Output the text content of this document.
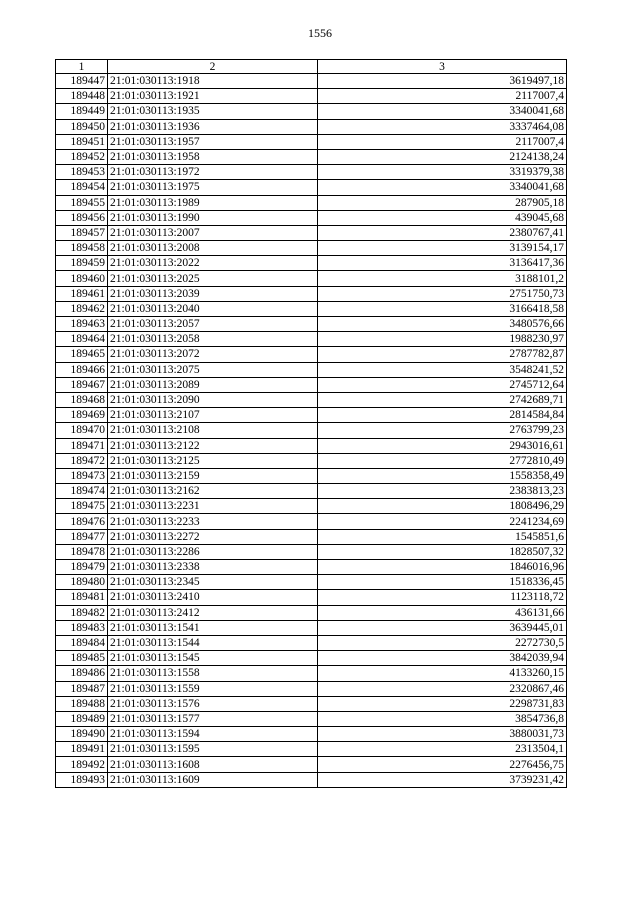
1556
1	2	3
189447	21:01:030113:1918	3619497,18
189448	21:01:030113:1921	2117007,4
189449	21:01:030113:1935	3340041,68
189450	21:01:030113:1936	3337464,08
189451	21:01:030113:1957	2117007,4
189452	21:01:030113:1958	2124138,24
189453	21:01:030113:1972	3319379,38
189454	21:01:030113:1975	3340041,68
189455	21:01:030113:1989	287905,18
189456	21:01:030113:1990	439045,68
189457	21:01:030113:2007	2380767,41
189458	21:01:030113:2008	3139154,17
189459	21:01:030113:2022	3136417,36
189460	21:01:030113:2025	3188101,2
189461	21:01:030113:2039	2751750,73
189462	21:01:030113:2040	3166418,58
189463	21:01:030113:2057	3480576,66
189464	21:01:030113:2058	1988230,97
189465	21:01:030113:2072	2787782,87
189466	21:01:030113:2075	3548241,52
189467	21:01:030113:2089	2745712,64
189468	21:01:030113:2090	2742689,71
189469	21:01:030113:2107	2814584,84
189470	21:01:030113:2108	2763799,23
189471	21:01:030113:2122	2943016,61
189472	21:01:030113:2125	2772810,49
189473	21:01:030113:2159	1558358,49
189474	21:01:030113:2162	2383813,23
189475	21:01:030113:2231	1808496,29
189476	21:01:030113:2233	2241234,69
189477	21:01:030113:2272	1545851,6
189478	21:01:030113:2286	1828507,32
189479	21:01:030113:2338	1846016,96
189480	21:01:030113:2345	1518336,45
189481	21:01:030113:2410	1123118,72
189482	21:01:030113:2412	436131,66
189483	21:01:030113:1541	3639445,01
189484	21:01:030113:1544	2272730,5
189485	21:01:030113:1545	3842039,94
189486	21:01:030113:1558	4133260,15
189487	21:01:030113:1559	2320867,46
189488	21:01:030113:1576	2298731,83
189489	21:01:030113:1577	3854736,8
189490	21:01:030113:1594	3880031,73
189491	21:01:030113:1595	2313504,1
189492	21:01:030113:1608	2276456,75
189493	21:01:030113:1609	3739231,42
